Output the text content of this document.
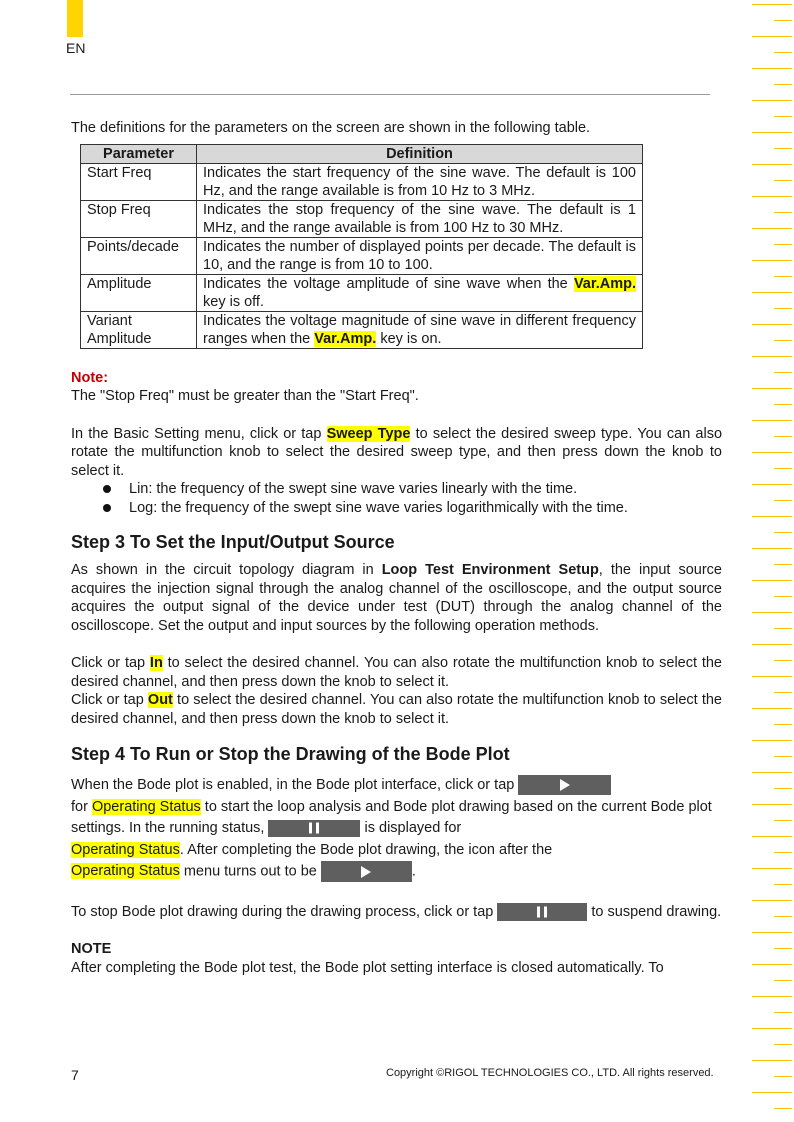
EN

The definitions for the parameters on the screen are shown in the following table.

Parameter	Definition
Start Freq	Indicates the start frequency of the sine wave. The default is 100 Hz, and the range available is from 10 Hz to 3 MHz.
Stop Freq	Indicates the stop frequency of the sine wave. The default is 1 MHz, and the range available is from 100 Hz to 30 MHz.
Points/decade	Indicates the number of displayed points per decade. The default is 10, and the range is from 10 to 100.
Amplitude	Indicates the voltage amplitude of sine wave when the Var.Amp. key is off.
Variant Amplitude	Indicates the voltage magnitude of sine wave in different frequency ranges when the Var.Amp. key is on.

Note:

The "Stop Freq" must be greater than the "Start Freq".

In the Basic Setting menu, click or tap Sweep Type to select the desired sweep type. You can also rotate the multifunction knob to select the desired sweep type, and then press down the knob to select it.

Lin: the frequency of the swept sine wave varies linearly with the time.
Log: the frequency of the swept sine wave varies logarithmically with the time.

Step 3 To Set the Input/Output Source

As shown in the circuit topology diagram in Loop Test Environment Setup, the input source acquires the injection signal through the analog channel of the oscilloscope, and the output source acquires the output signal of the device under test (DUT) through the analog channel of the oscilloscope. Set the output and input sources by the following operation methods.

Click or tap In to select the desired channel. You can also rotate the multifunction knob to select the desired channel, and then press down the knob to select it.

Click or tap Out to select the desired channel. You can also rotate the multifunction knob to select the desired channel, and then press down the knob to select it.

Step 4 To Run or Stop the Drawing of the Bode Plot

When the Bode plot is enabled, in the Bode plot interface, click or tap

for Operating Status to start the loop analysis and Bode plot drawing based on the current Bode plot settings. In the running status,	is displayed for
Operating Status. After completing the Bode plot drawing, the icon after the
Operating Status menu turns out to be	.

To stop Bode plot drawing during the drawing process, click or tap	to suspend drawing.

NOTE

After completing the Bode plot test, the Bode plot setting interface is closed automatically. To

7	Copyright ©RIGOL TECHNOLOGIES CO., LTD. All rights reserved.
